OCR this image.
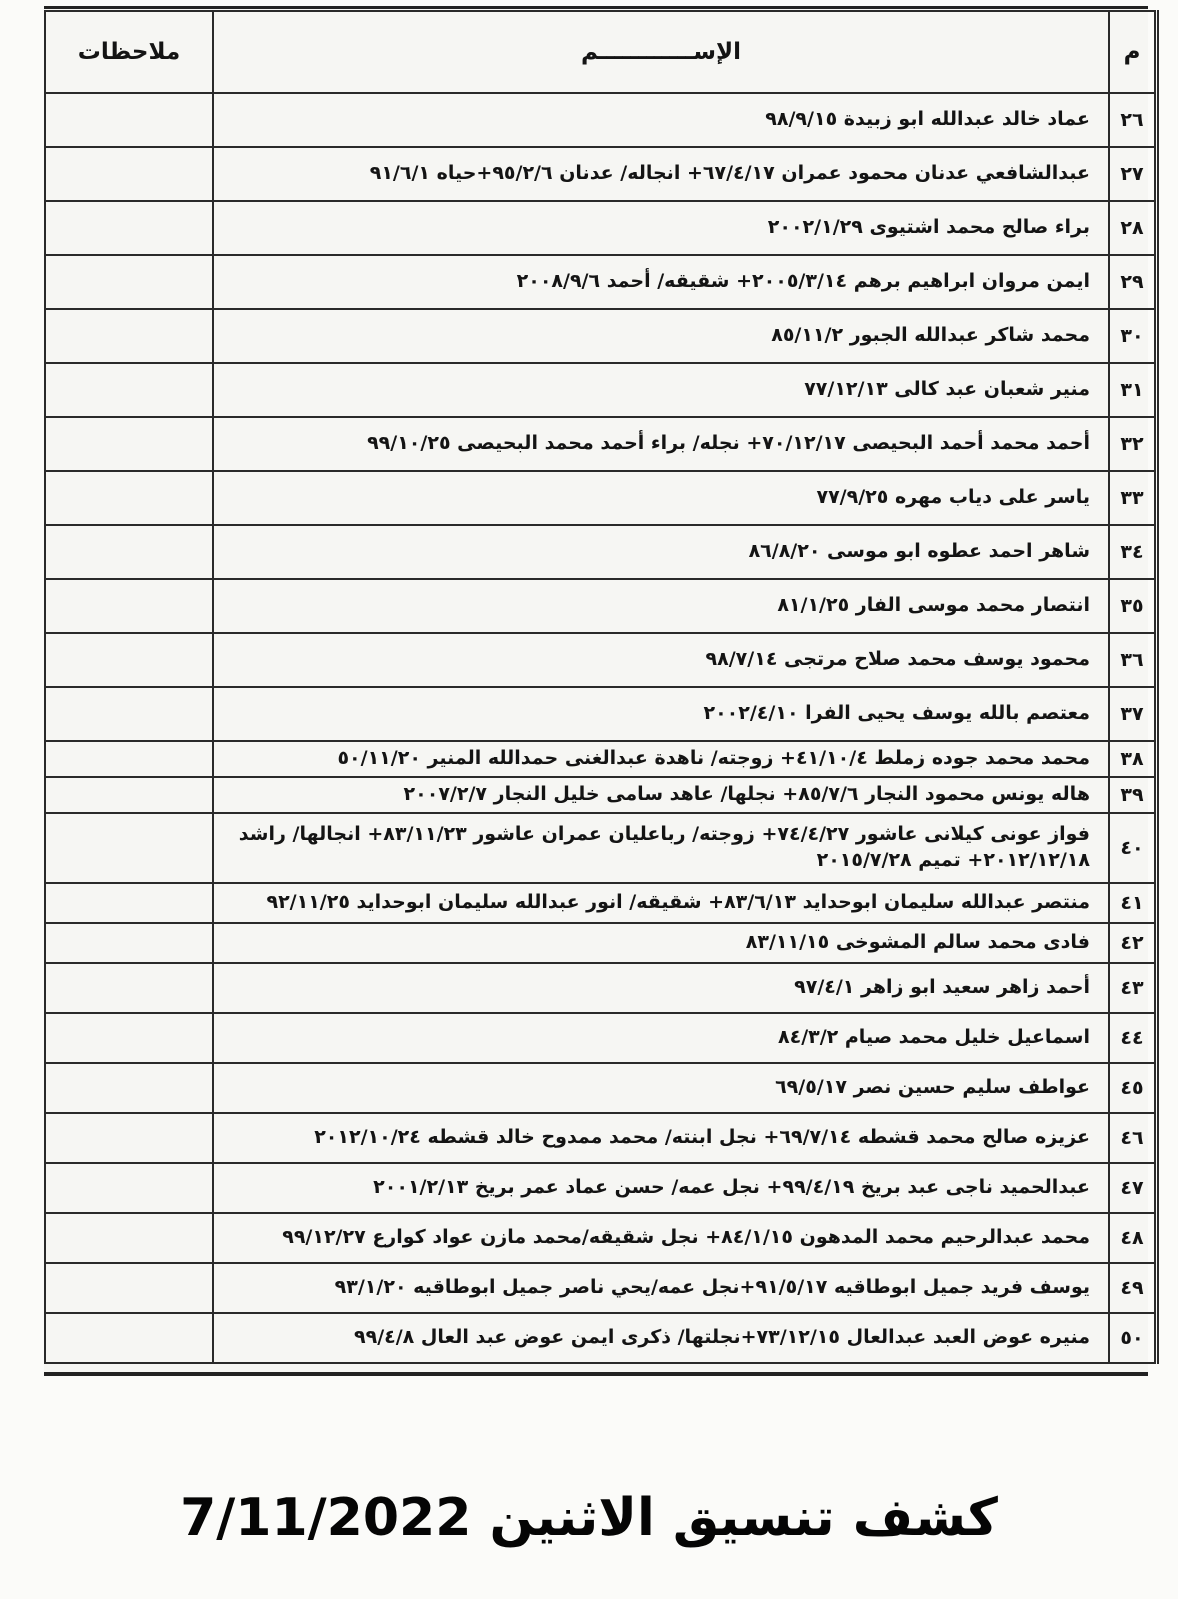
م	الإســــــــــــم	ملاحظات
٢٦	عماد خالد عبدالله ابو زبيدة ٩٨/٩/١٥	
٢٧	عبدالشافعي عدنان محمود عمران ٦٧/٤/١٧+ انجاله/ عدنان ٩٥/٢/٦+حياه ٩١/٦/١	
٢٨	براء صالح محمد اشتيوى ٢٠٠٢/١/٢٩	
٢٩	ايمن مروان ابراهيم برهم ٢٠٠٥/٣/١٤+ شقيقه/ أحمد ٢٠٠٨/٩/٦	
٣٠	محمد شاكر عبدالله الجبور ٨٥/١١/٢	
٣١	منير شعبان عبد كالى ٧٧/١٢/١٣	
٣٢	أحمد محمد أحمد البحيصى ٧٠/١٢/١٧+ نجله/ براء أحمد محمد البحيصى ٩٩/١٠/٢٥	
٣٣	ياسر على دياب مهره ٧٧/٩/٢٥	
٣٤	شاهر احمد عطوه ابو موسى ٨٦/٨/٢٠	
٣٥	انتصار محمد موسى الفار ٨١/١/٢٥	
٣٦	محمود يوسف محمد صلاح مرتجى ٩٨/٧/١٤	
٣٧	معتصم بالله يوسف يحيى الفرا ٢٠٠٢/٤/١٠	
٣٨	محمد محمد جوده زملط ٤١/١٠/٤+ زوجته/ ناهدة عبدالغنى حمدالله المنير ٥٠/١١/٢٠	
٣٩	هاله يونس محمود النجار ٨٥/٧/٦+ نجلها/ عاهد سامى خليل النجار ٢٠٠٧/٢/٧	
٤٠	فواز عونى كيلانى عاشور ٧٤/٤/٢٧+ زوجته/ رباعليان عمران عاشور ٨٣/١١/٢٣+ انجالها/ راشد ٢٠١٢/١٢/١٨+ تميم ٢٠١٥/٧/٢٨	
٤١	منتصر عبدالله سليمان ابوحدايد ٨٣/٦/١٣+ شقيقه/ انور عبدالله سليمان ابوحدايد ٩٢/١١/٢٥	
٤٢	فادى محمد سالم المشوخى ٨٣/١١/١٥	
٤٣	أحمد زاهر سعيد ابو زاهر ٩٧/٤/١	
٤٤	اسماعيل خليل محمد صيام ٨٤/٣/٢	
٤٥	عواطف سليم حسين نصر ٦٩/٥/١٧	
٤٦	عزيزه صالح محمد قشطه ٦٩/٧/١٤+ نجل ابنته/ محمد ممدوح خالد قشطه ٢٠١٢/١٠/٢٤	
٤٧	عبدالحميد ناجى عبد بريخ ٩٩/٤/١٩+ نجل عمه/ حسن عماد عمر بريخ ٢٠٠١/٢/١٣	
٤٨	محمد عبدالرحيم محمد المدهون ٨٤/١/١٥+ نجل شقيقه/محمد مازن عواد كوارع ٩٩/١٢/٢٧	
٤٩	يوسف فريد جميل ابوطاقيه ٩١/٥/١٧+نجل عمه/يحي ناصر جميل ابوطاقيه ٩٣/١/٢٠	
٥٠	منيره عوض العبد عبدالعال ٧٣/١٢/١٥+نجلتها/ ذكرى ايمن عوض عبد العال ٩٩/٤/٨	
كشف تنسيق الاثنين 7/11/2022
